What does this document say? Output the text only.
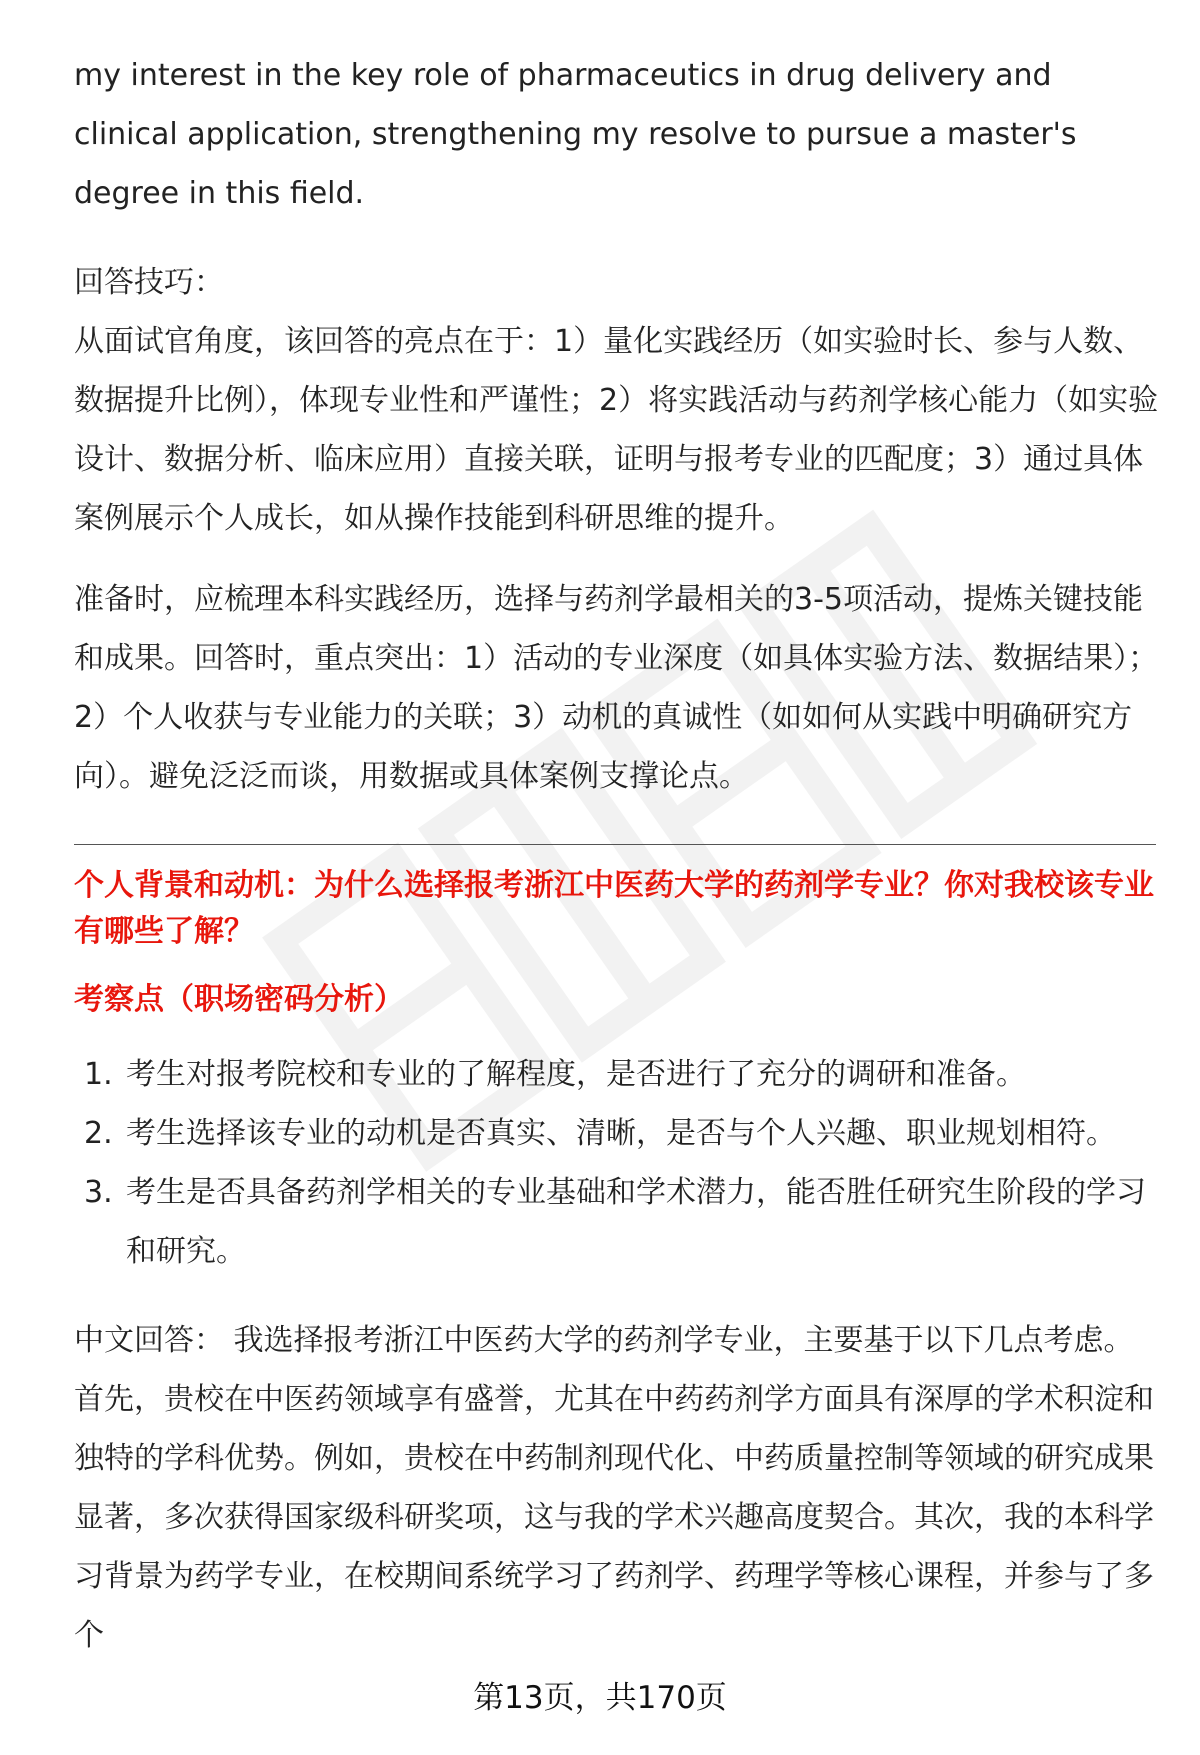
my interest in the key role of pharmaceutics in drug delivery and clinical application, strengthening my resolve to pursue a master's degree in this field.

回答技巧：

从面试官角度，该回答的亮点在于：1）量化实践经历（如实验时长、参与人数、数据提升比例），体现专业性和严谨性；2）将实践活动与药剂学核心能力（如实验设计、数据分析、临床应用）直接关联，证明与报考专业的匹配度；3）通过具体案例展示个人成长，如从操作技能到科研思维的提升。

准备时，应梳理本科实践经历，选择与药剂学最相关的3-5项活动，提炼关键技能和成果。回答时，重点突出：1）活动的专业深度（如具体实验方法、数据结果）；2）个人收获与专业能力的关联；3）动机的真诚性（如如何从实践中明确研究方向）。避免泛泛而谈，用数据或具体案例支撑论点。

个人背景和动机：为什么选择报考浙江中医药大学的药剂学专业？你对我校该专业有哪些了解？

考察点（职场密码分析）

1. 考生对报考院校和专业的了解程度，是否进行了充分的调研和准备。
2. 考生选择该专业的动机是否真实、清晰，是否与个人兴趣、职业规划相符。
3. 考生是否具备药剂学相关的专业基础和学术潜力，能否胜任研究生阶段的学习和研究。

中文回答： 我选择报考浙江中医药大学的药剂学专业，主要基于以下几点考虑。首先，贵校在中医药领域享有盛誉，尤其在中药药剂学方面具有深厚的学术积淀和独特的学科优势。例如，贵校在中药制剂现代化、中药质量控制等领域的研究成果显著，多次获得国家级科研奖项，这与我的学术兴趣高度契合。其次，我的本科学习背景为药学专业，在校期间系统学习了药剂学、药理学等核心课程，并参与了多个

第13页，共170页
